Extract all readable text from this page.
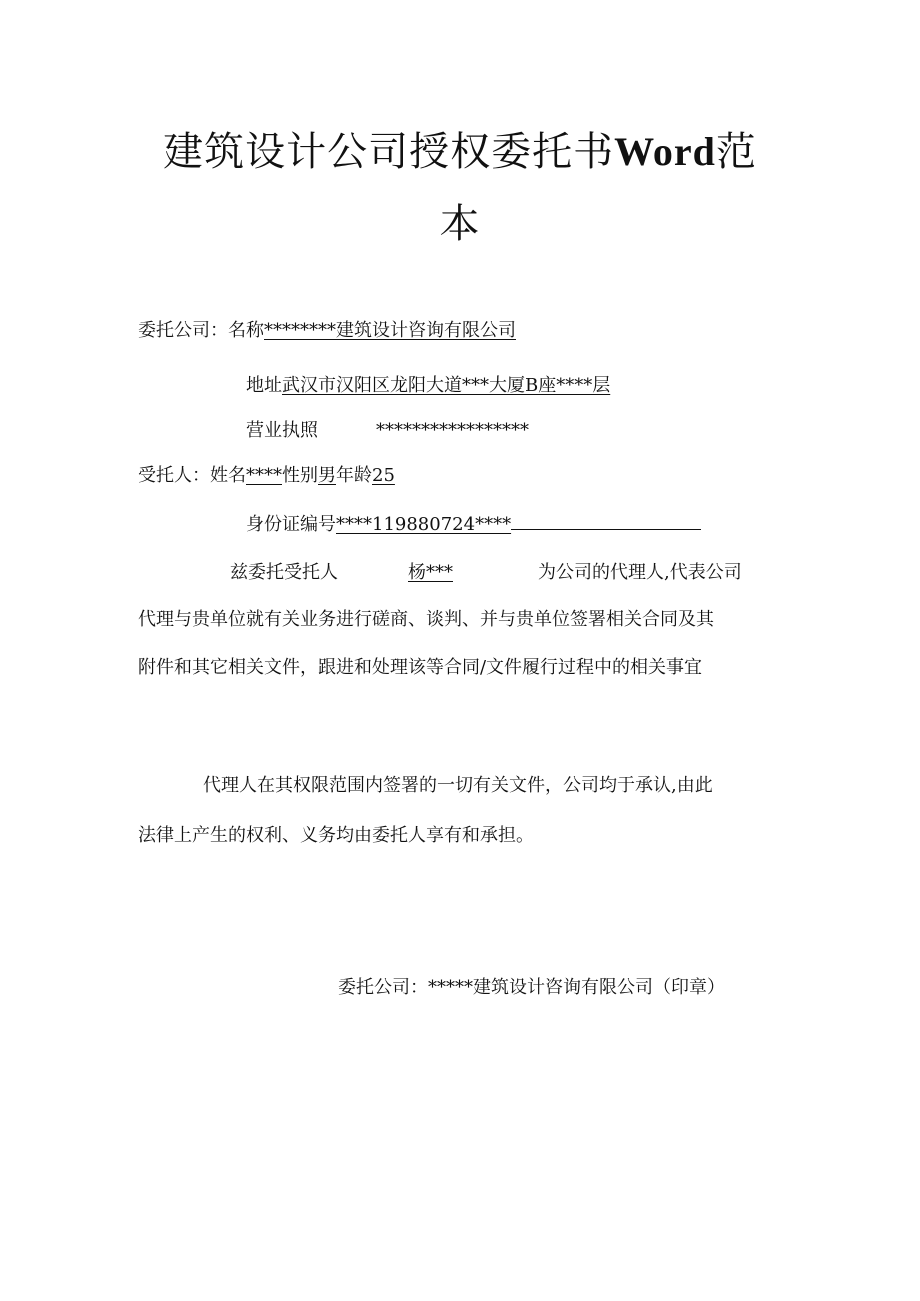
建筑设计公司授权委托书Word范
本
委托公司：名称********建筑设计咨询有限公司
地址武汉市汉阳区龙阳大道***大厦B座****层
营业执照	*****************
受托人：姓名****性别男年龄25
身份证编号****119880724****
兹委托受托人	杨***	为公司的代理人,代表公司
代理与贵单位就有关业务进行磋商、谈判、并与贵单位签署相关合同及其
附件和其它相关文件，跟进和处理该等合同/文件履行过程中的相关事宜
代理人在其权限范围内签署的一切有关文件，公司均于承认,由此
法律上产生的权利、义务均由委托人享有和承担。
委托公司：*****建筑设计咨询有限公司（印章）
